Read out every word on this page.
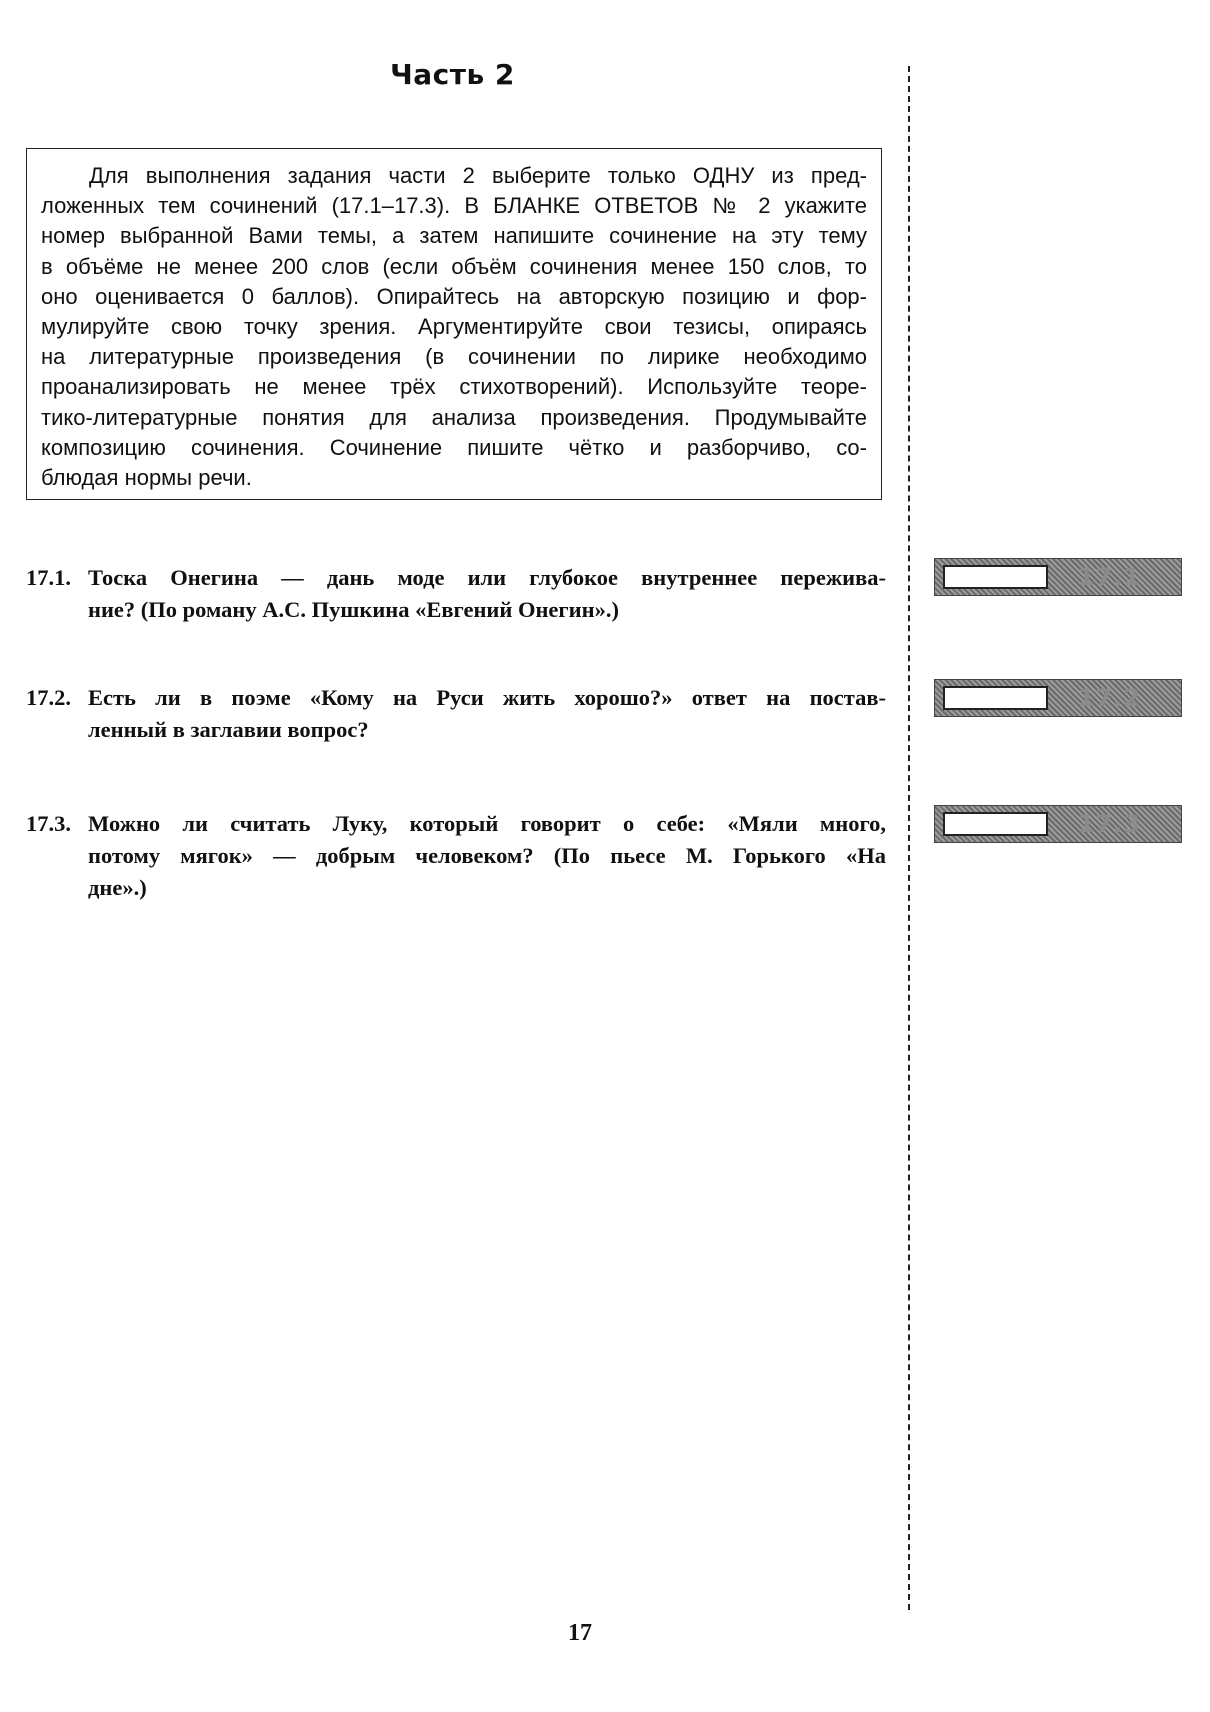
Часть 2
Для выполнения задания части 2 выберите только ОДНУ из пред-
ложенных тем сочинений (17.1–17.3). В БЛАНКЕ ОТВЕТОВ № 2 укажите
номер выбранной Вами темы, а затем напишите сочинение на эту тему
в объёме не менее 200 слов (если объём сочинения менее 150 слов, то
оно оценивается 0 баллов). Опирайтесь на авторскую позицию и фор-
мулируйте свою точку зрения. Аргументируйте свои тезисы, опираясь
на литературные произведения (в сочинении по лирике необходимо
проанализировать не менее трёх стихотворений). Используйте теоре-
тико-литературные понятия для анализа произведения. Продумывайте
композицию сочинения. Сочинение пишите чётко и разборчиво, со-
блюдая нормы речи.
17.1. Тоска Онегина — дань моде или глубокое внутреннее пережива-
ние? (По роману А.С. Пушкина «Евгений Онегин».)
17.2. Есть ли в поэме «Кому на Руси жить хорошо?» ответ на постав-
ленный в заглавии вопрос?
17.3. Можно ли считать Луку, который говорит о себе: «Мяли много,
потому мягок» — добрым человеком? (По пьесе М. Горького «На
дне».)
17.1
17.2
17.3
17
